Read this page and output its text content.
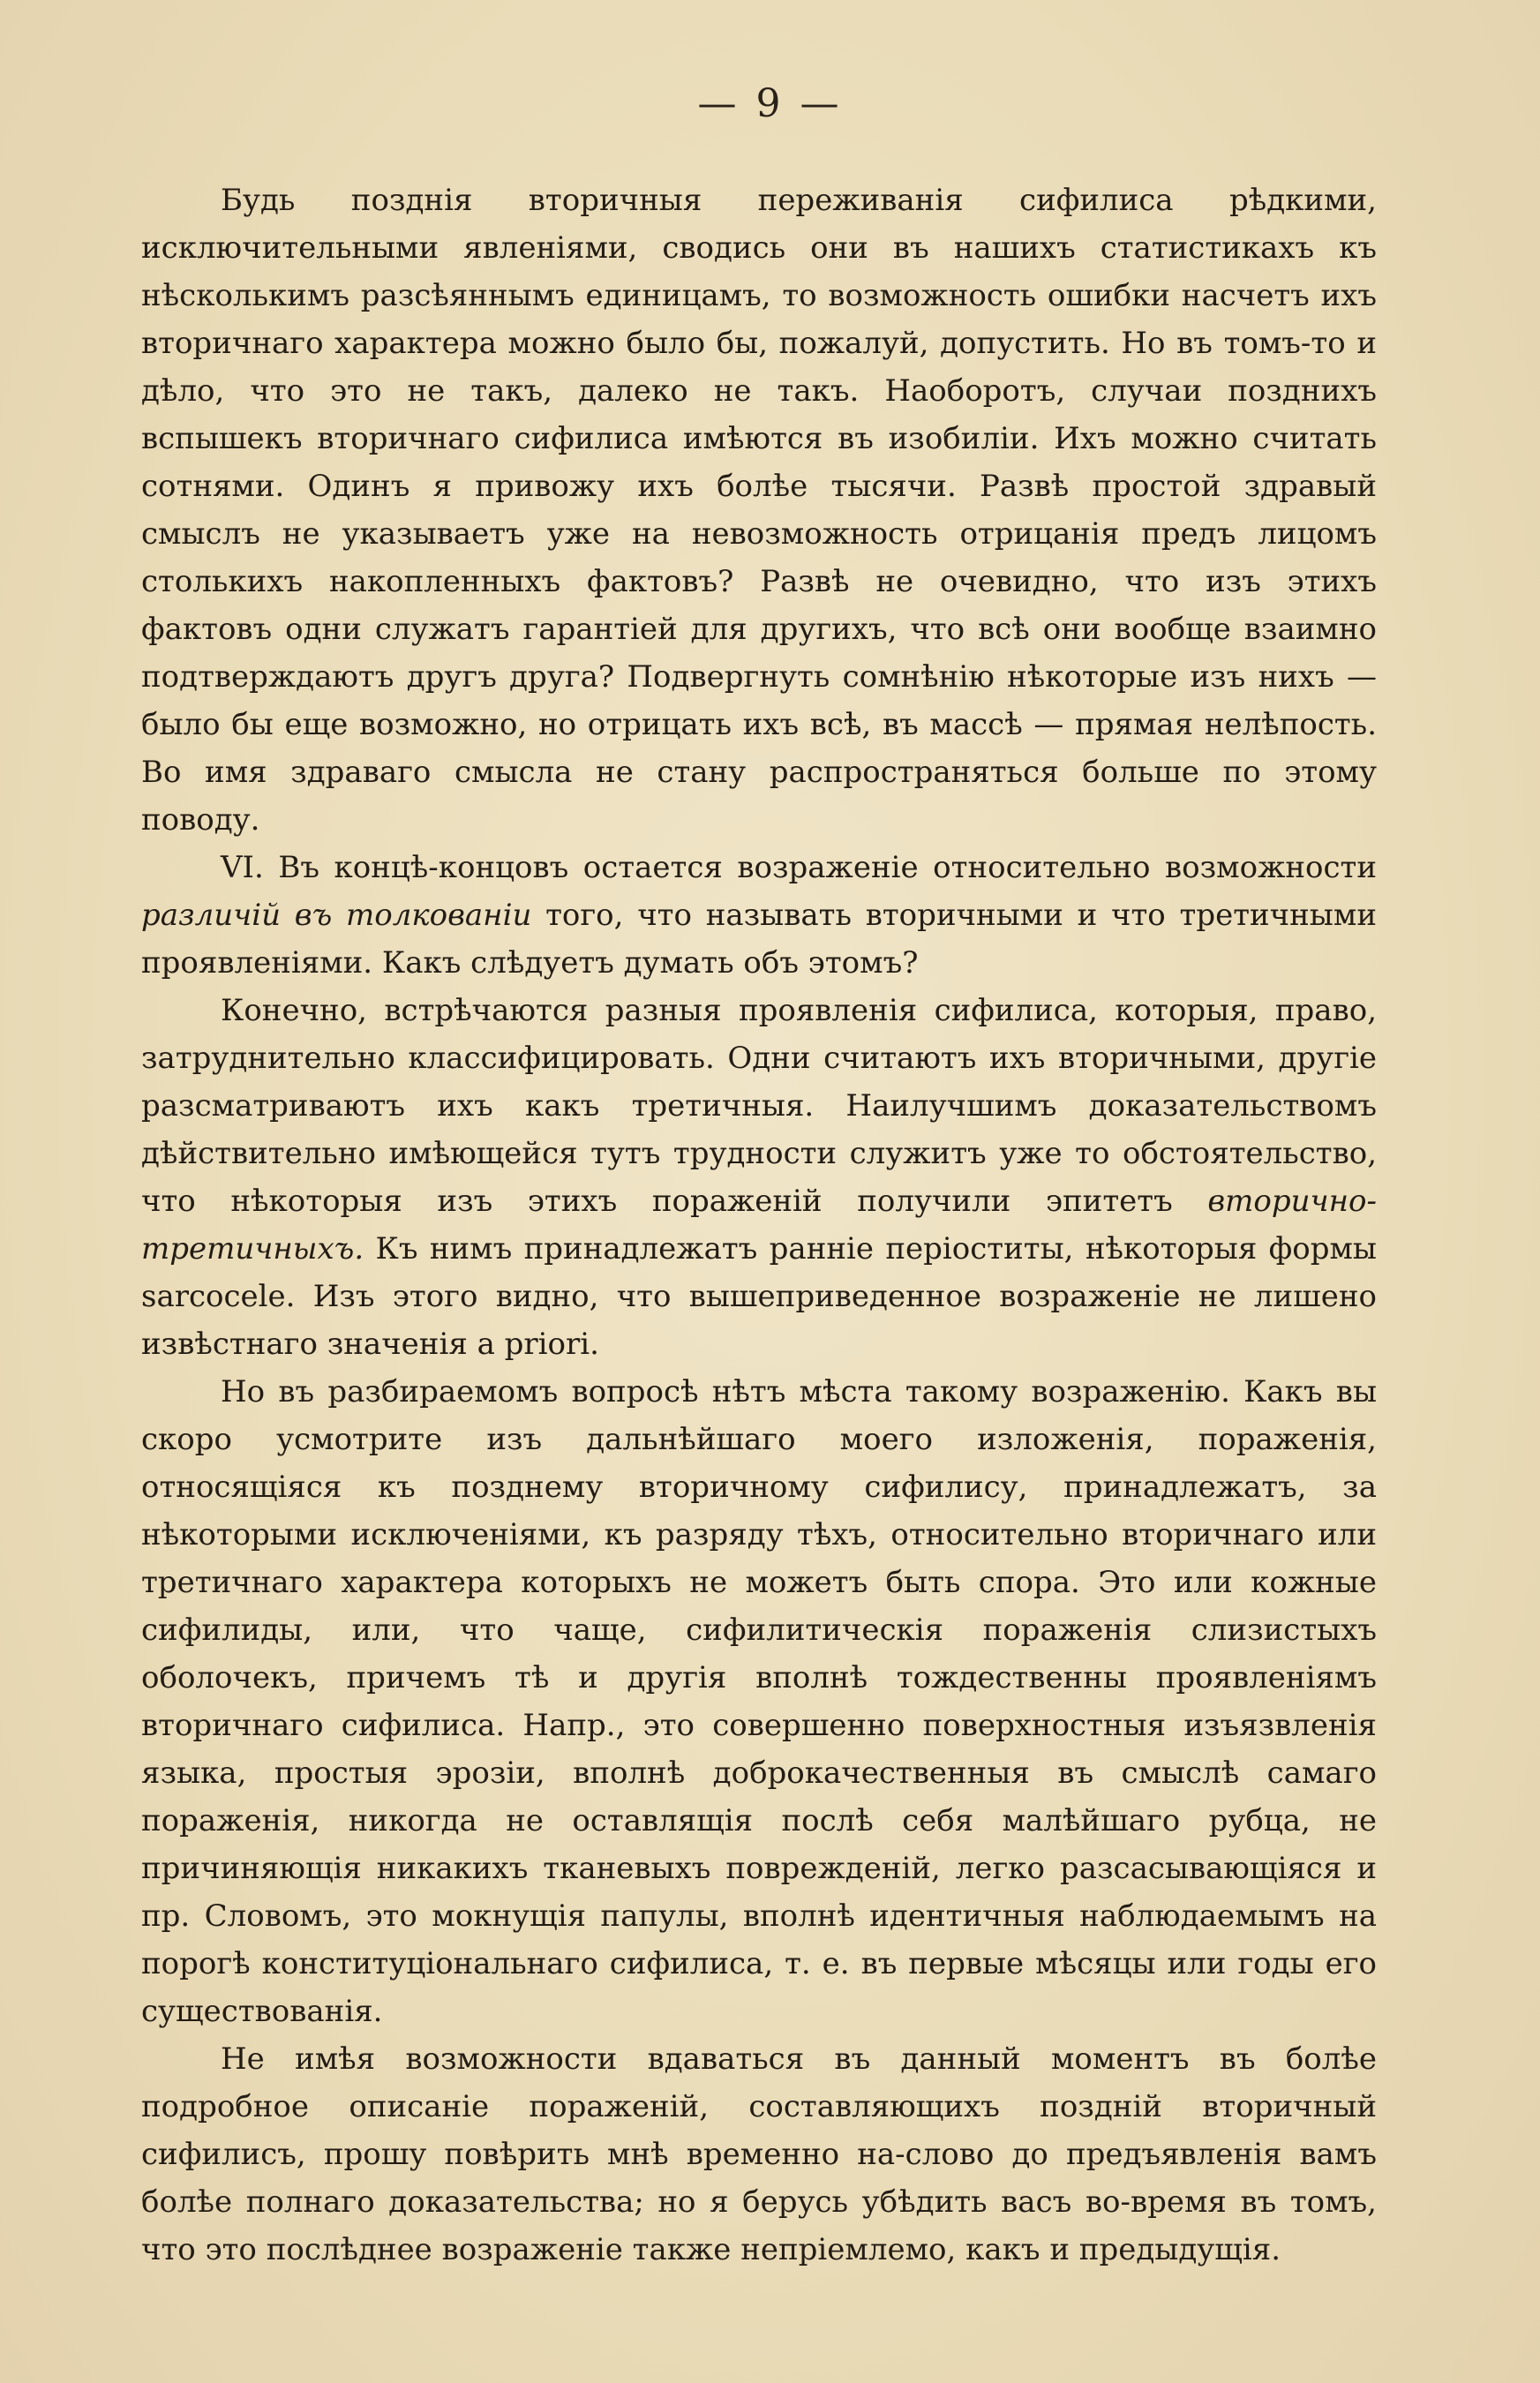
— 9 —

Будь позднія вторичныя переживанія сифилиса рѣдкими, исключительными явленіями, сводись они въ нашихъ статистикахъ къ нѣсколькимъ разсѣяннымъ единицамъ, то возможность ошибки насчетъ ихъ вторичнаго характера можно было бы, пожалуй, допустить. Но въ томъ-то и дѣло, что это не такъ, далеко не такъ. Наоборотъ, случаи позднихъ вспышекъ вторичнаго сифилиса имѣются въ изобиліи. Ихъ можно считать сотнями. Одинъ я привожу ихъ болѣе тысячи. Развѣ простой здравый смыслъ не указываетъ уже на невозможность отрицанія предъ лицомъ столькихъ накопленныхъ фактовъ? Развѣ не очевидно, что изъ этихъ фактовъ одни служатъ гарантіей для другихъ, что всѣ они вообще взаимно подтверждаютъ другъ друга? Подвергнуть сомнѣнію нѣкоторые изъ нихъ — было бы еще возможно, но отрицать ихъ всѣ, въ массѣ — прямая нелѣпость. Во имя здраваго смысла не стану распространяться больше по этому поводу.

VI. Въ концѣ-концовъ остается возраженіе относительно возможности различій въ толкованіи того, что называть вторичными и что третичными проявленіями. Какъ слѣдуетъ думать объ этомъ?

Конечно, встрѣчаются разныя проявленія сифилиса, которыя, право, затруднительно классифицировать. Одни считаютъ ихъ вторичными, другіе разсматриваютъ ихъ какъ третичныя. Наилучшимъ доказательствомъ дѣйствительно имѣющейся тутъ трудности служитъ уже то обстоятельство, что нѣкоторыя изъ этихъ пораженій получили эпитетъ вторично-третичныхъ. Къ нимъ принадлежатъ ранніе періоститы, нѣкоторыя формы sarcocele. Изъ этого видно, что вышеприведенное возраженіе не лишено извѣстнаго значенія a priori.

Но въ разбираемомъ вопросѣ нѣтъ мѣста такому возраженію. Какъ вы скоро усмотрите изъ дальнѣйшаго моего изложенія, пораженія, относящіяся къ позднему вторичному сифилису, принадлежатъ, за нѣкоторыми исключеніями, къ разряду тѣхъ, относительно вторичнаго или третичнаго характера которыхъ не можетъ быть спора. Это или кожные сифилиды, или, что чаще, сифилитическія пораженія слизистыхъ оболочекъ, причемъ тѣ и другія вполнѣ тождественны проявленіямъ вторичнаго сифилиса. Напр., это совершенно поверхностныя изъязвленія языка, простыя эрозіи, вполнѣ доброкачественныя въ смыслѣ самаго пораженія, никогда не оставлящія послѣ себя малѣйшаго рубца, не причиняющія никакихъ тканевыхъ поврежденій, легко разсасывающіяся и пр. Словомъ, это мокнущія папулы, вполнѣ идентичныя наблюдаемымъ на порогѣ конституціональнаго сифилиса, т. е. въ первые мѣсяцы или годы его существованія.

Не имѣя возможности вдаваться въ данный моментъ въ болѣе подробное описаніе пораженій, составляющихъ поздній вторичный сифилисъ, прошу повѣрить мнѣ временно на-слово до предъявленія вамъ болѣе полнаго доказательства; но я берусь убѣдить васъ во-время въ томъ, что это послѣднее возраженіе также непріемлемо, какъ и предыдущія.
